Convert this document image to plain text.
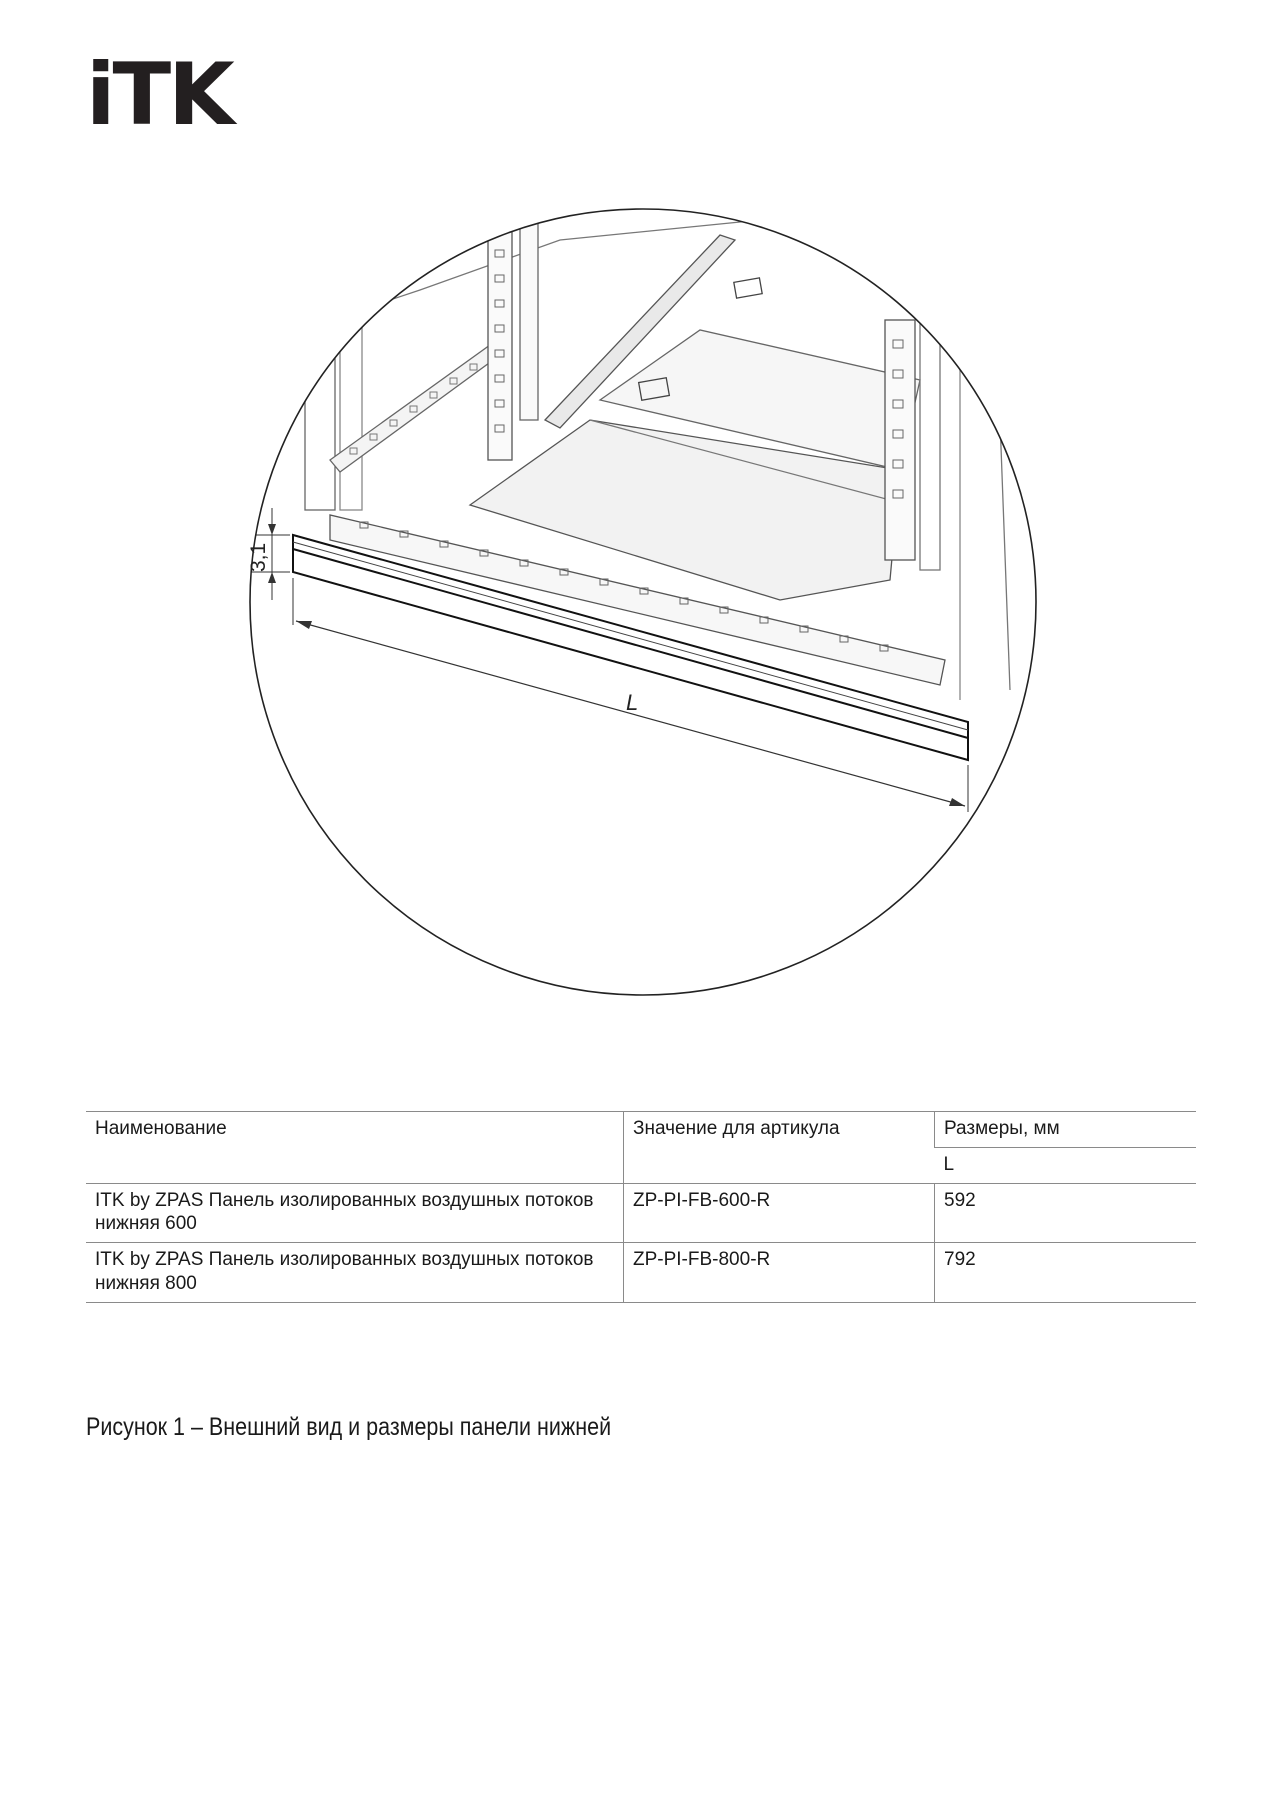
iTK
3,1
L
Наименование	Значение для артикула	Размеры, мм
		L
ITK by ZPAS Панель изолированных воздушных потоков нижняя 600	ZP-PI-FB-600-R	592
ITK by ZPAS Панель изолированных воздушных потоков нижняя 800	ZP-PI-FB-800-R	792
Рисунок 1 – Внешний вид и размеры панели нижней
